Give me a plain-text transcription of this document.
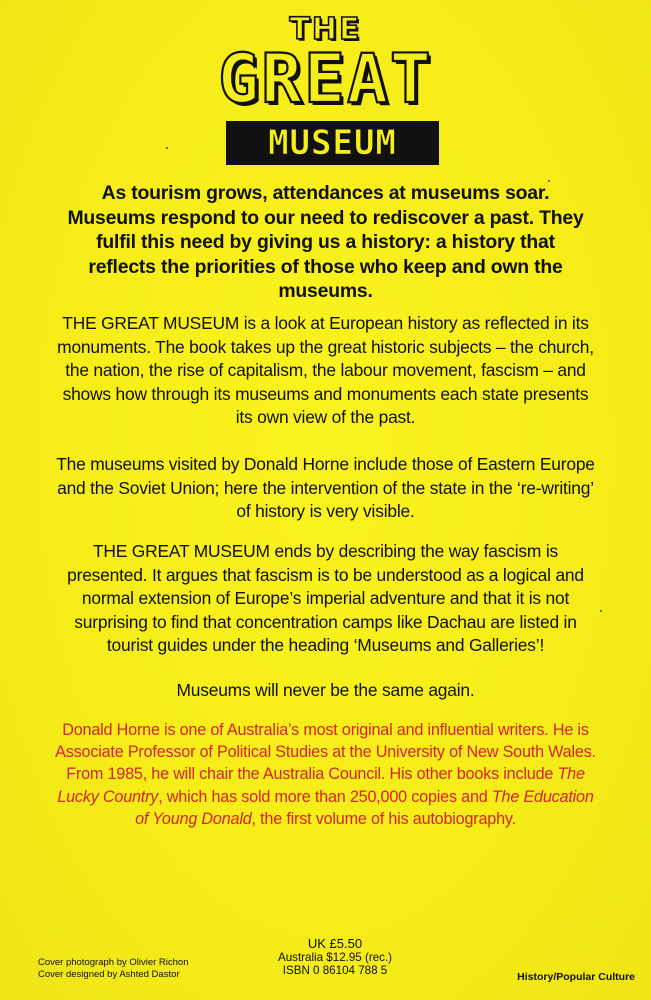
THE
GREAT
MUSEUM
As tourism grows, attendances at museums soar. Museums respond to our need to rediscover a past. They fulfil this need by giving us a history: a history that reflects the priorities of those who keep and own the museums.
THE GREAT MUSEUM is a look at European history as reflected in its monuments. The book takes up the great historic subjects – the church, the nation, the rise of capitalism, the labour movement, fascism – and shows how through its museums and monuments each state presents its own view of the past.
The museums visited by Donald Horne include those of Eastern Europe and the Soviet Union; here the intervention of the state in the ‘re-writing’ of history is very visible.
THE GREAT MUSEUM ends by describing the way fascism is presented. It argues that fascism is to be understood as a logical and normal extension of Europe’s imperial adventure and that it is not surprising to find that concentration camps like Dachau are listed in tourist guides under the heading ‘Museums and Galleries’!
Museums will never be the same again.
Donald Horne is one of Australia’s most original and influential writers. He is Associate Professor of Political Studies at the University of New South Wales. From 1985, he will chair the Australia Council. His other books include The Lucky Country, which has sold more than 250,000 copies and The Education of Young Donald, the first volume of his autobiography.
Cover photograph by Olivier Richon
Cover designed by Ashted Dastor
UK £5.50
Australia $12.95 (rec.)
ISBN 0 86104 788 5	History/Popular Culture
